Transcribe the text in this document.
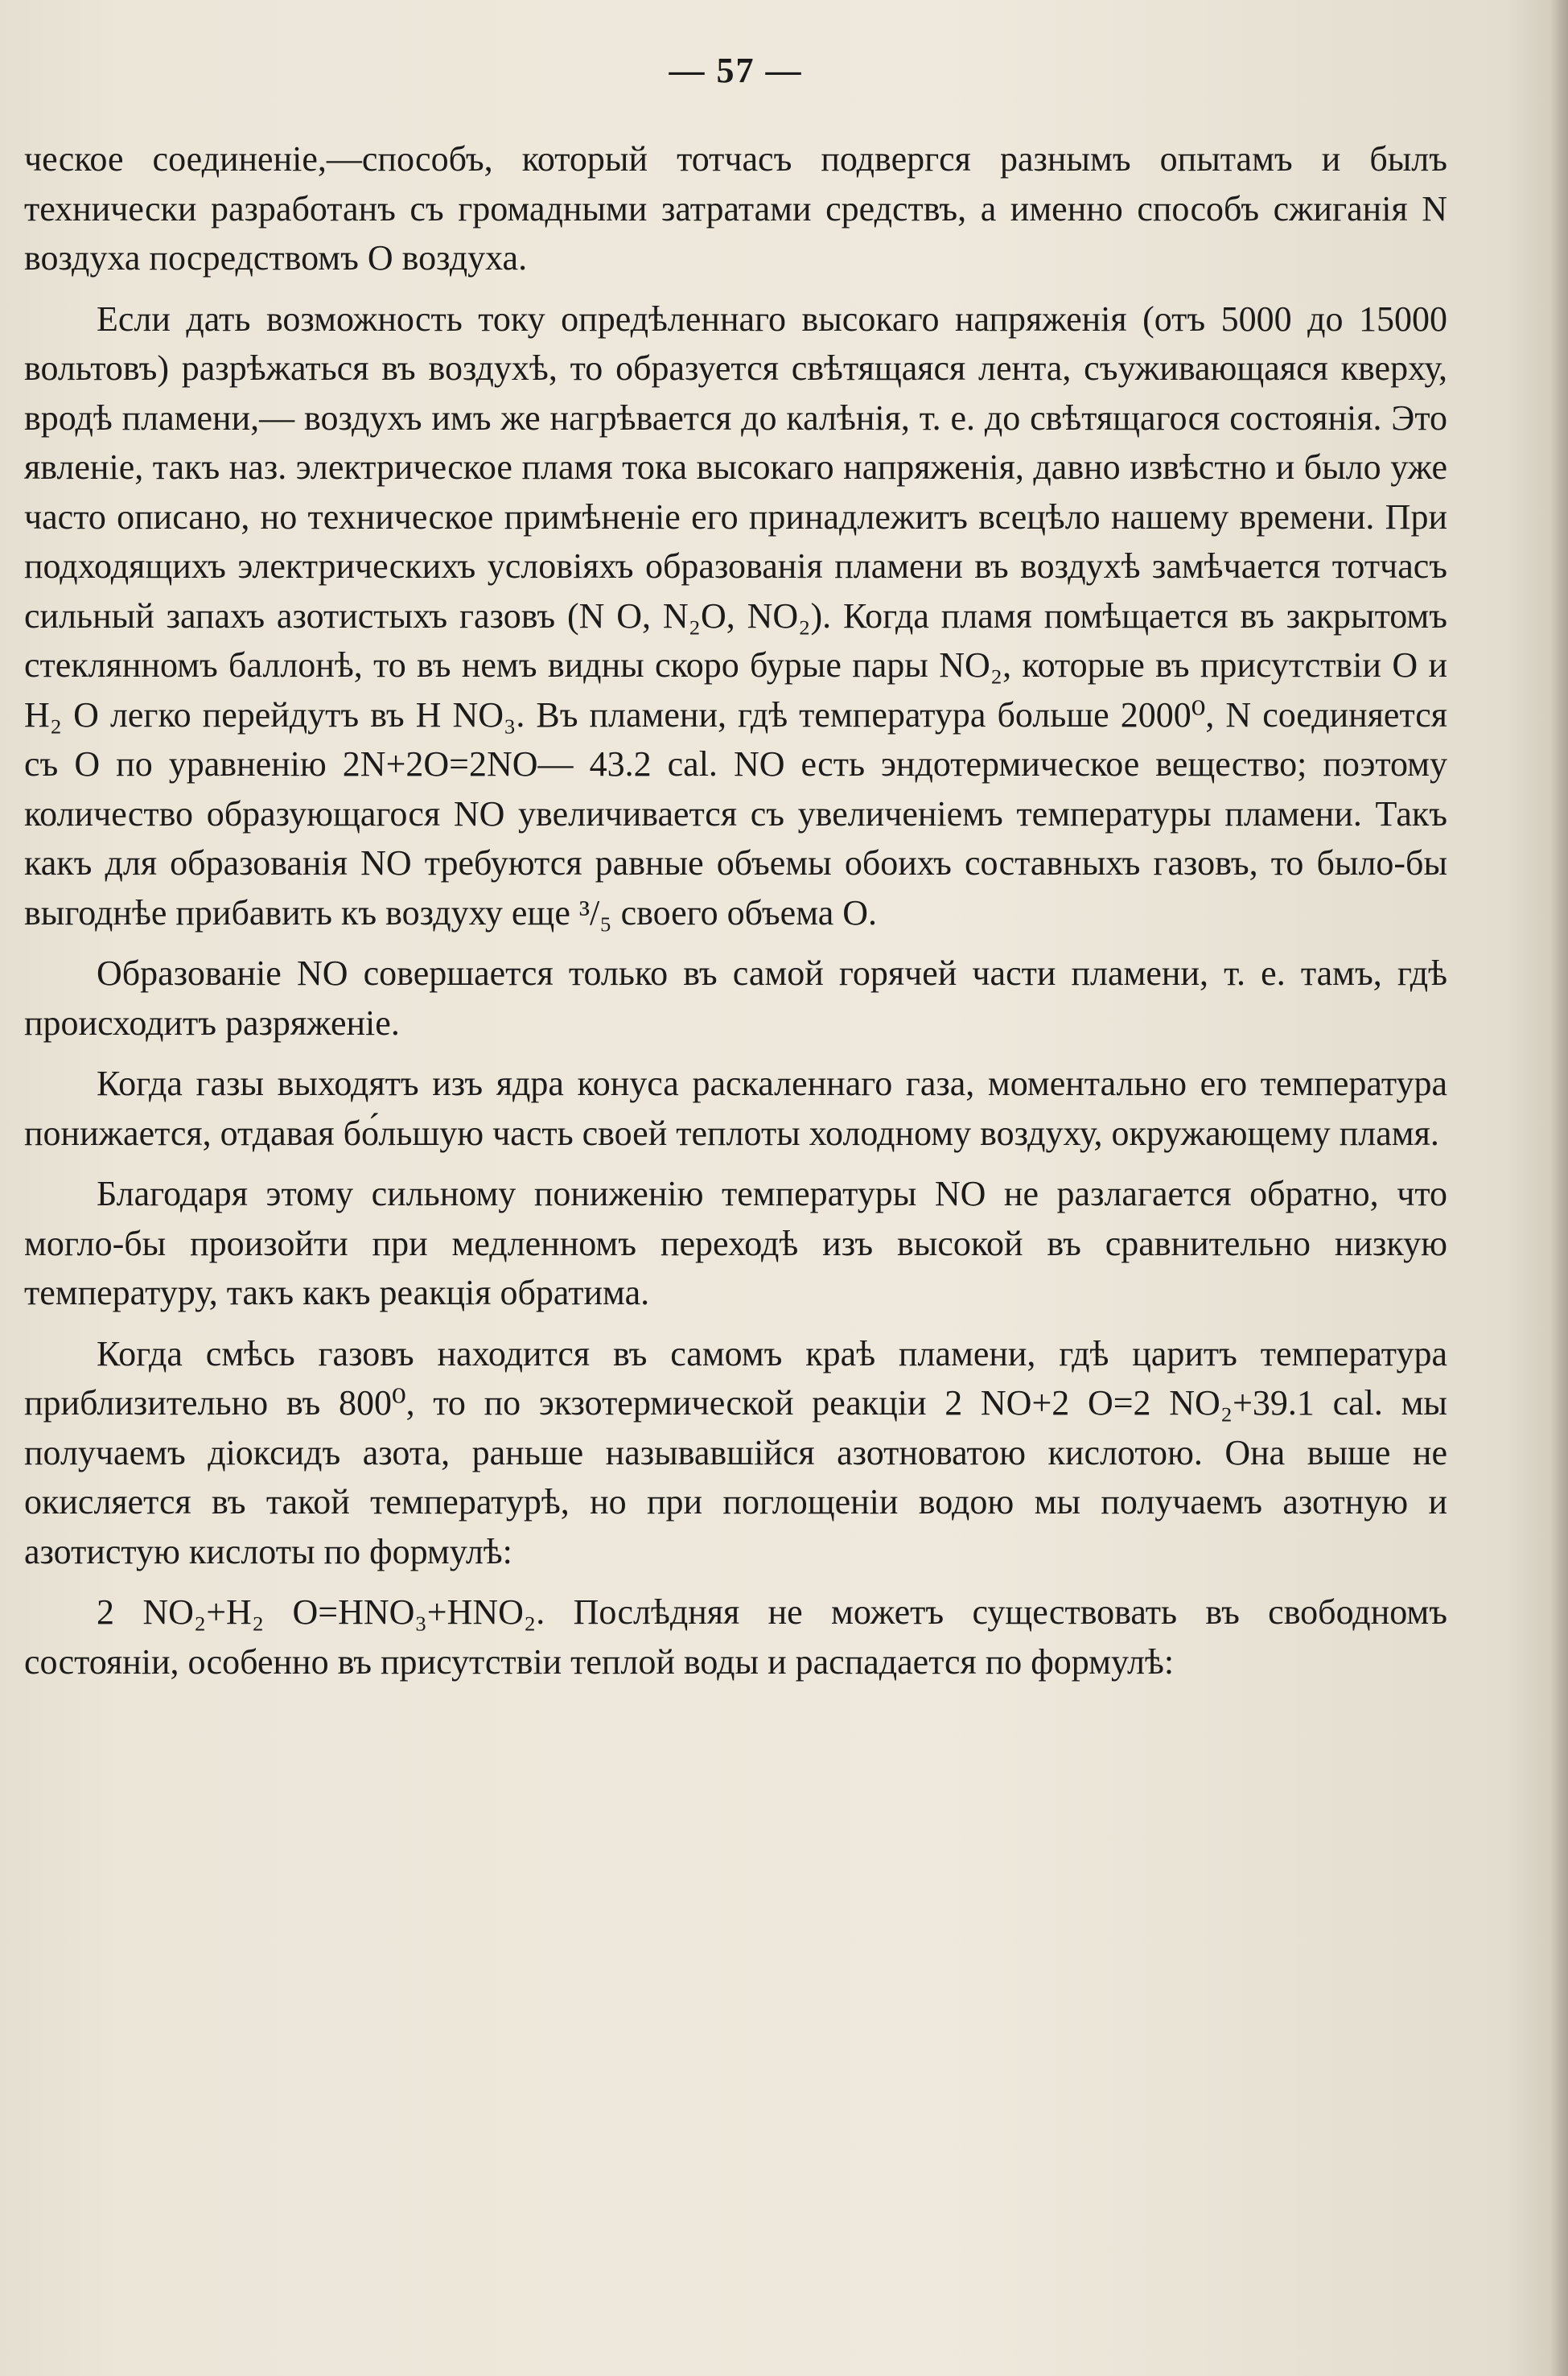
— 57 —

ческое соединенiе,—способъ, который тотчасъ подвергся разнымъ опытамъ и былъ технически разработанъ съ громадными затратами средствъ, а именно способъ сжиганiя N воздуха посредствомъ O воздуха.

Если дать возможность току опредѣленнаго высокаго напряженiя (отъ 5000 до 15000 вольтовъ) разрѣжаться въ воздухѣ, то образуется свѣтящаяся лента, съуживающаяся кверху, вродѣ пламени,— воздухъ имъ же нагрѣвается до калѣнiя, т. е. до свѣтящагося состоянiя. Это явленiе, такъ наз. электрическое пламя тока высокаго напряженiя, давно извѣстно и было уже часто описано, но техническое примѣненiе его принадлежитъ всецѣло нашему времени. При подходящихъ электрическихъ условiяхъ образованiя пламени въ воздухѣ замѣчается тотчасъ сильный запахъ азотистыхъ газовъ (N O, N₂O, NO₂). Когда пламя помѣщается въ закрытомъ стеклянномъ баллонѣ, то въ немъ видны скоро бурые пары NO₂, которые въ присутствiи O и H₂ O легко перейдутъ въ H NO₃. Въ пламени, гдѣ температура больше 2000⁰, N соединяется съ O по уравненiю 2N+2O=2NO— 43.2 cal. NO есть эндотермическое вещество; поэтому количество образующагося NO увеличивается съ увеличенiемъ температуры пламени. Такъ какъ для образованiя NO требуются равные объемы обоихъ составныхъ газовъ, то было-бы выгоднѣе прибавить къ воздуху еще ³/₅ своего объема O.

Образованiе NO совершается только въ самой горячей части пламени, т. е. тамъ, гдѣ происходитъ разряженiе.

Когда газы выходятъ изъ ядра конуса раскаленнаго газа, моментально его температура понижается, отдавая бо́льшую часть своей теплоты холодному воздуху, окружающему пламя.

Благодаря этому сильному пониженiю температуры NO не разлагается обратно, что могло-бы произойти при медленномъ переходѣ изъ высокой въ сравнительно низкую температуру, такъ какъ реакцiя обратима.

Когда смѣсь газовъ находится въ самомъ краѣ пламени, гдѣ царитъ температура приблизительно въ 800⁰, то по экзотермической реакцiи 2 NO+2 O=2 NO₂+39.1 cal. мы получаемъ дiоксидъ азота, раньше называвшiйся азотноватою кислотою. Она выше не окисляется въ такой температурѣ, но при поглощенiи водою мы получаемъ азотную и азотистую кислоты по формулѣ:

2 NO₂+H₂ O=HNO₃+HNO₂. Послѣдняя не можетъ существовать въ свободномъ состоянiи, особенно въ присутствiи теплой воды и распадается по формулѣ:
